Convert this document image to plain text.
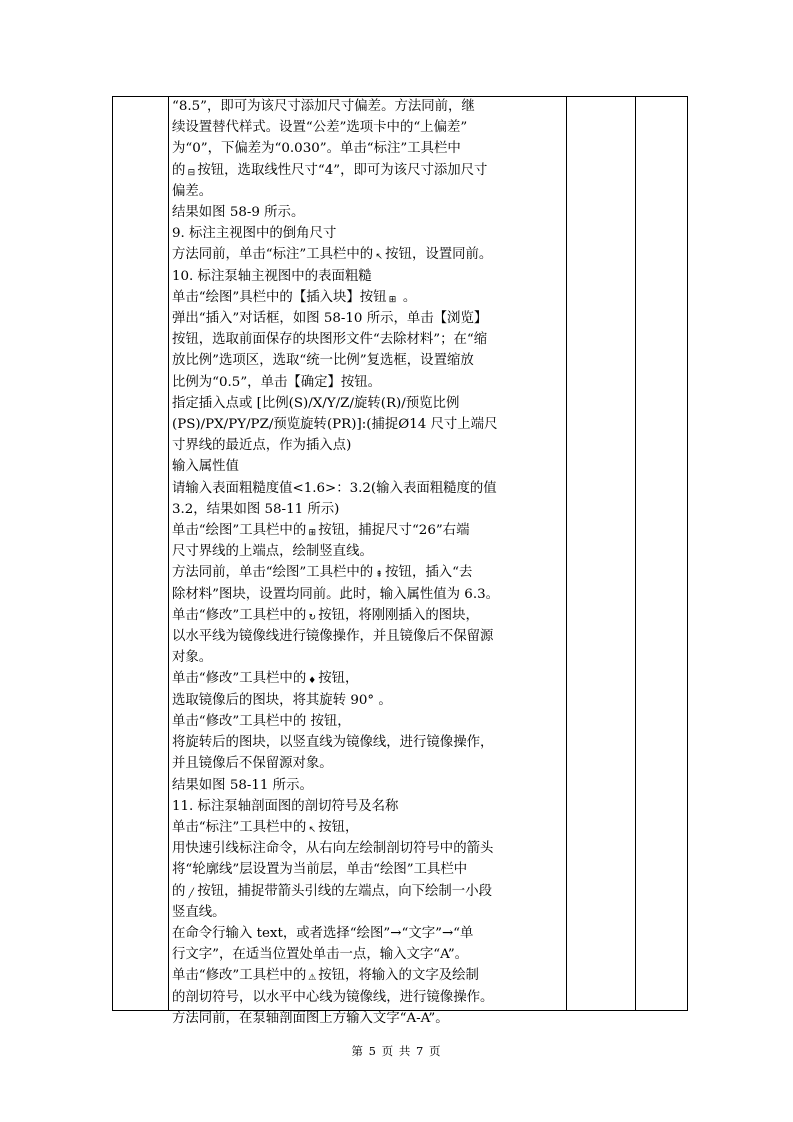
“8.5”，即可为该尺寸添加尺寸偏差。方法同前，继
续设置替代样式。设置“公差”选项卡中的“上偏差”
为“0”，下偏差为“0.030”。单击“标注”工具栏中
的 ⊟ 按钮，选取线性尺寸“4”，即可为该尺寸添加尺寸
偏差。
结果如图 58-9 所示。
9. 标注主视图中的倒角尺寸
方法同前，单击“标注”工具栏中的 ↖ 按钮，设置同前。
10. 标注泵轴主视图中的表面粗糙
单击“绘图”具栏中的【插入块】按钮 ⊞ 。
弹出“插入”对话框，如图 58-10 所示，单击【浏览】
按钮，选取前面保存的块图形文件“去除材料”；在“缩
放比例”选项区，选取“统一比例”复选框，设置缩放
比例为“0.5”，单击【确定】按钮。
指定插入点或 [比例(S)/X/Y/Z/旋转(R)/预览比例
(PS)/PX/PY/PZ/预览旋转(PR)]:(捕捉Ø14 尺寸上端尺
寸界线的最近点，作为插入点)
输入属性值
请输入表面粗糙度值<1.6>：3.2(输入表面粗糙度的值
3.2，结果如图 58-11 所示)
单击“绘图”工具栏中的 ⊞ 按钮，捕捉尺寸“26”右端
尺寸界线的上端点，绘制竖直线。
方法同前，单击“绘图”工具栏中的 ⇞ 按钮，插入“去
除材料”图块，设置均同前。此时，输入属性值为 6.3。
单击“修改”工具栏中的 ↻ 按钮，将刚刚插入的图块，
以水平线为镜像线进行镜像操作，并且镜像后不保留源
对象。
单击“修改”工具栏中的 ♦ 按钮，
选取镜像后的图块，将其旋转 90° 。
单击“修改”工具栏中的 按钮，
将旋转后的图块，以竖直线为镜像线，进行镜像操作，
并且镜像后不保留源对象。
结果如图 58-11 所示。
11. 标注泵轴剖面图的剖切符号及名称
单击“标注”工具栏中的 ↖ 按钮，
用快速引线标注命令，从右向左绘制剖切符号中的箭头
将“轮廓线”层设置为当前层，单击“绘图”工具栏中
的 ╱ 按钮，捕捉带箭头引线的左端点，向下绘制一小段
竖直线。
在命令行输入 text，或者选择“绘图”→“文字”→“单
行文字”，在适当位置处单击一点，输入文字“A”。
单击“修改”工具栏中的 ⚠ 按钮，将输入的文字及绘制
的剖切符号，以水平中心线为镜像线，进行镜像操作。
方法同前，在泵轴剖面图上方输入文字“A-A”。
第 5 页 共 7 页
